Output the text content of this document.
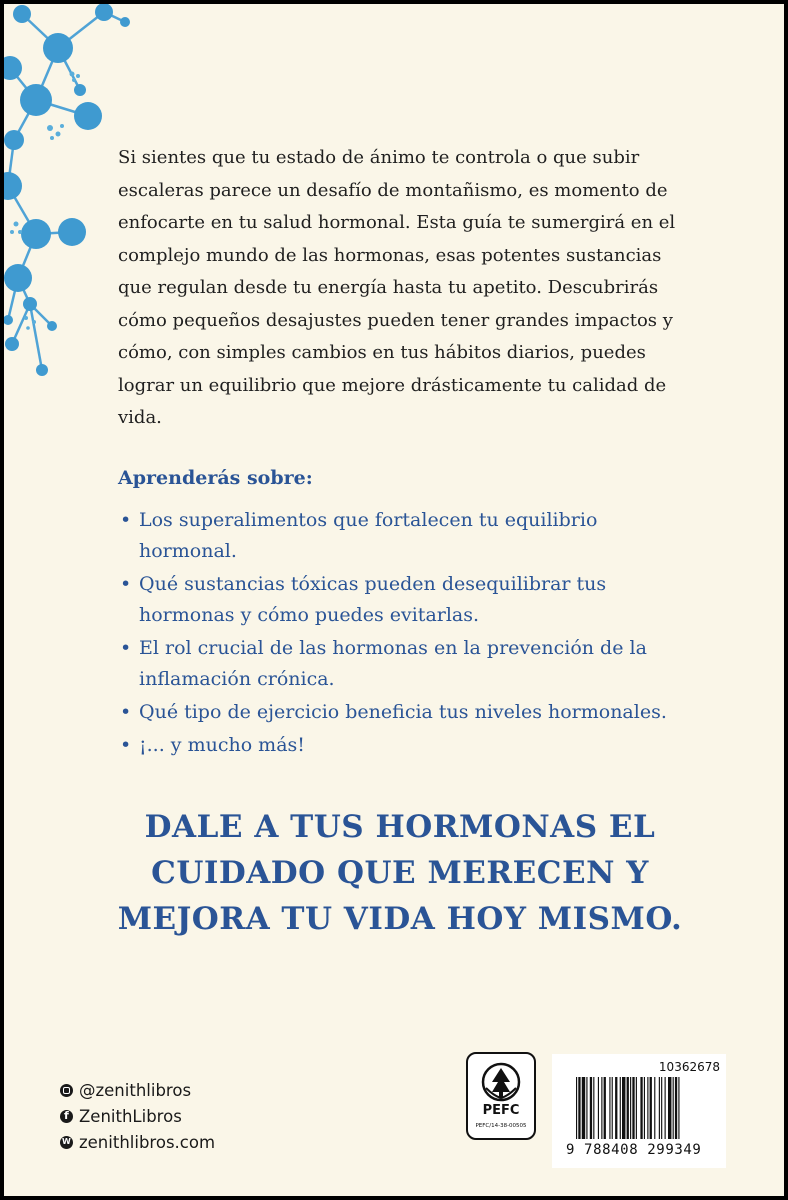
Si sientes que tu estado de ánimo te controla o que subir escaleras parece un desafío de montañismo, es momento de enfocarte en tu salud hormonal. Esta guía te sumergirá en el complejo mundo de las hormonas, esas potentes sustancias que regulan desde tu energía hasta tu apetito. Descubrirás cómo pequeños desajustes pueden tener grandes impactos y cómo, con simples cambios en tus hábitos diarios, puedes lograr un equilibrio que mejore drásticamente tu calidad de vida.

Aprenderás sobre:
• Los superalimentos que fortalecen tu equilibrio hormonal.
• Qué sustancias tóxicas pueden desequilibrar tus hormonas y cómo puedes evitarlas.
• El rol crucial de las hormonas en la prevención de la inflamación crónica.
• Qué tipo de ejercicio beneficia tus niveles hormonales.
• ¡... y mucho más!
DALE A TUS HORMONAS EL
CUIDADO QUE MERECEN Y
MEJORA TU VIDA HOY MISMO.
@zenithlibros
f
ZenithLibros
W
zenithlibros.com
PEFC
PEFC/14-38-00505
10362678
9 788408 299349
